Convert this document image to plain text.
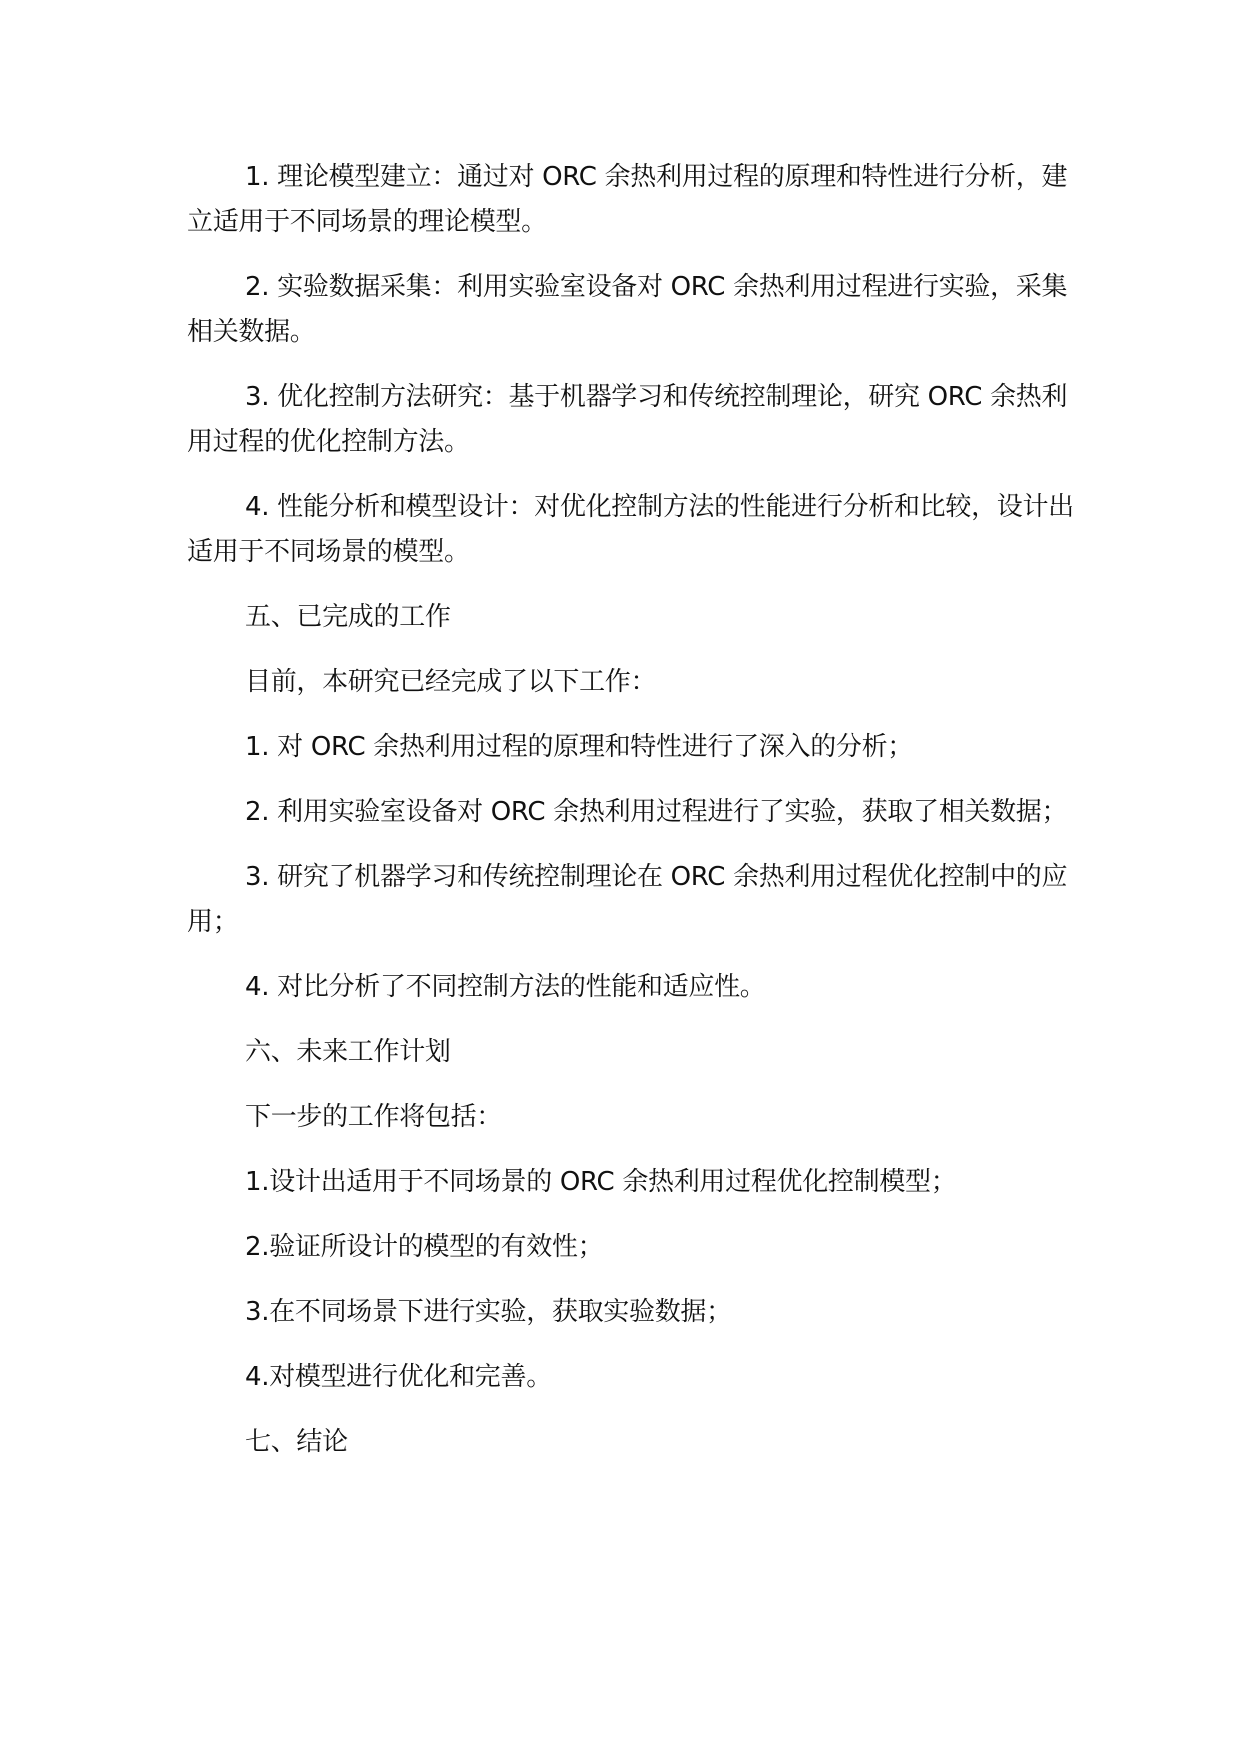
1. 理论模型建立：通过对 ORC 余热利用过程的原理和特性进行分析，建立适用于不同场景的理论模型。

2. 实验数据采集：利用实验室设备对 ORC 余热利用过程进行实验，采集相关数据。

3. 优化控制方法研究：基于机器学习和传统控制理论，研究 ORC 余热利用过程的优化控制方法。

4. 性能分析和模型设计：对优化控制方法的性能进行分析和比较，设计出适用于不同场景的模型。

五、已完成的工作

目前，本研究已经完成了以下工作：

1. 对 ORC 余热利用过程的原理和特性进行了深入的分析；

2. 利用实验室设备对 ORC 余热利用过程进行了实验，获取了相关数据；

3. 研究了机器学习和传统控制理论在 ORC 余热利用过程优化控制中的应用；

4. 对比分析了不同控制方法的性能和适应性。

六、未来工作计划

下一步的工作将包括：

1.设计出适用于不同场景的 ORC 余热利用过程优化控制模型；

2.验证所设计的模型的有效性；

3.在不同场景下进行实验，获取实验数据；

4.对模型进行优化和完善。

七、结论
